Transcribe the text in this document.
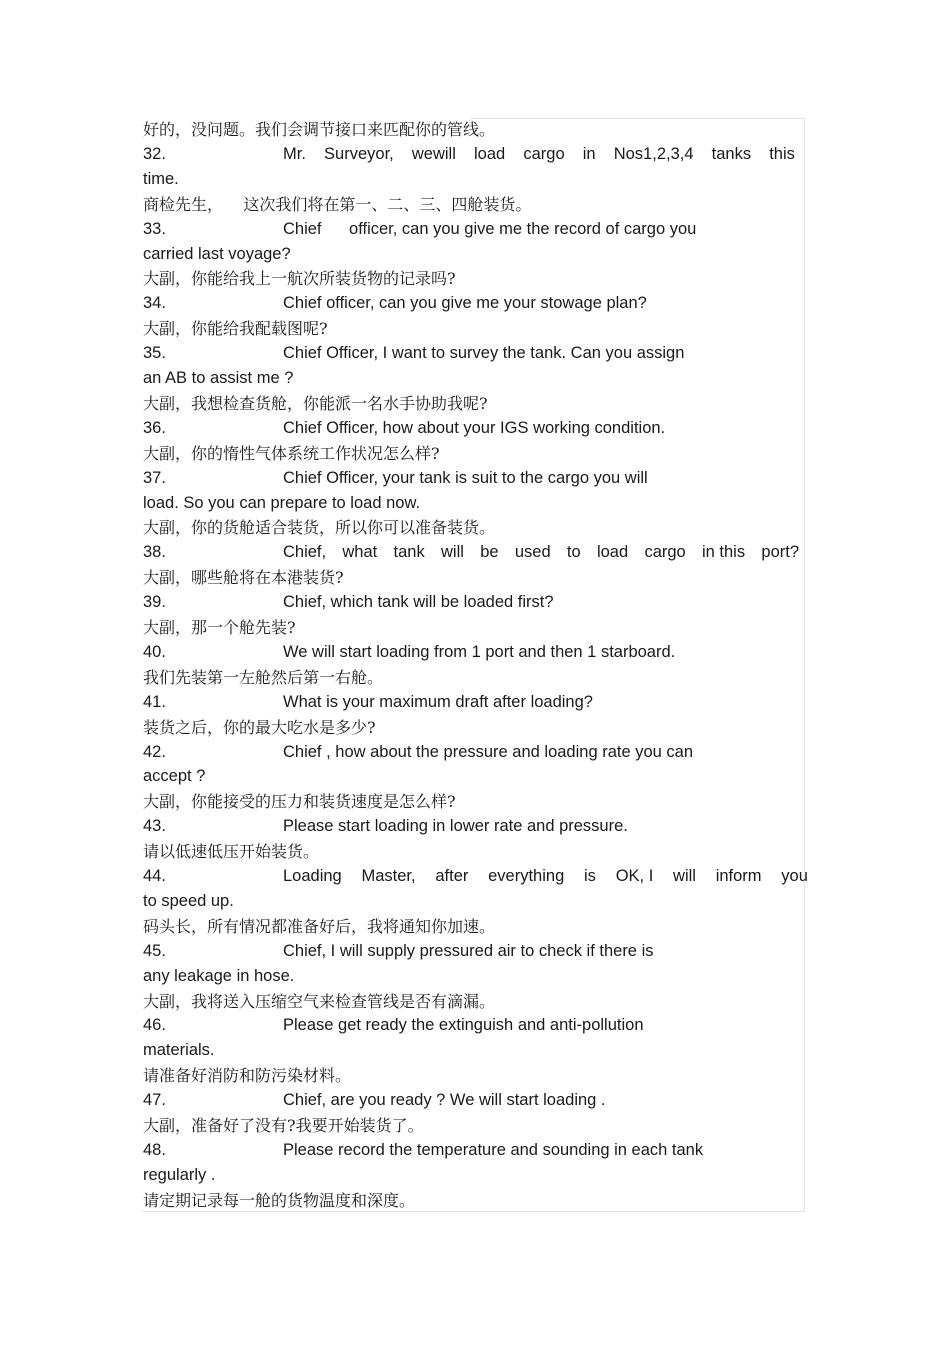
好的，没问题。我们会调节接口来匹配你的管线。
32.	Mr. Surveyor, wewill load cargo in Nos1,2,3,4 tanks this
time.
商检先生，    这次我们将在第一、二、三、四舱装货。
33.	Chief      officer, can you give me the record of cargo you
carried last voyage?
大副，你能给我上一航次所装货物的记录吗?
34.	Chief officer, can you give me your stowage plan?
大副，你能给我配载图呢?
35.	Chief Officer, I want to survey the tank. Can you assign
an AB to assist me ?
大副，我想检查货舱，你能派一名水手协助我呢?
36.	Chief Officer, how about your IGS working condition.
大副，你的惰性气体系统工作状况怎么样?
37.	Chief Officer, your tank is suit to the cargo you will
load. So you can prepare to load now.
大副，你的货舱适合装货，所以你可以准备装货。
38.	Chief, what tank will be used to load cargo in this port?
大副，哪些舱将在本港装货?
39.	Chief, which tank will be loaded first?
大副，那一个舱先装?
40.	We will start loading from 1 port and then 1 starboard.
我们先装第一左舱然后第一右舱。
41.	What is your maximum draft after loading?
装货之后，你的最大吃水是多少?
42.	Chief , how about the pressure and loading rate you can
accept ?
大副，你能接受的压力和装货速度是怎么样?
43.	Please start loading in lower rate and pressure.
请以低速低压开始装货。
44.	Loading Master, after everything is OK, I will inform you
to speed up.
码头长，所有情况都准备好后，我将通知你加速。
45.	Chief, I will supply pressured air to check if there is
any leakage in hose.
大副，我将送入压缩空气来检查管线是否有滴漏。
46.	Please get ready the extinguish and anti-pollution
materials.
请准备好消防和防污染材料。
47.	Chief, are you ready ? We will start loading .
大副，准备好了没有?我要开始装货了。
48.	Please record the temperature and sounding in each tank
regularly .
请定期记录每一舱的货物温度和深度。
